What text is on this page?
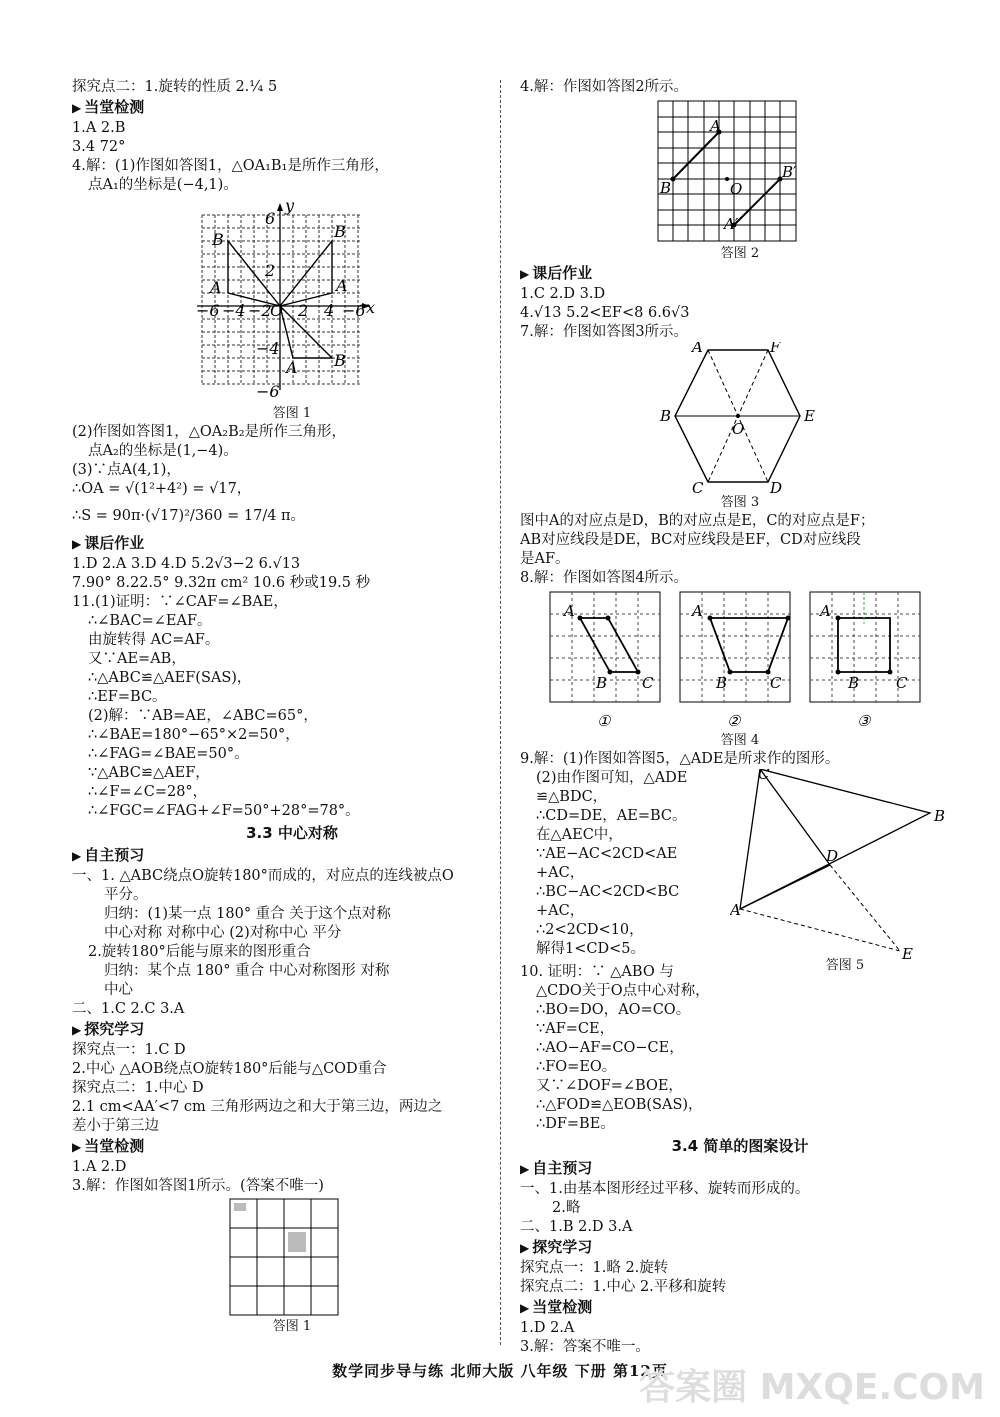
探究点二：1.旋转的性质 2.¼ 5
▶ 当堂检测
1.A 2.B
3.4 72°
4.解：(1)作图如答图1，△OA₁B₁是所作三角形，
点A₁的坐标是(−4,1)。
x
y
6
2
−6 −4 −2
O 2 4 −6
−4
−6
B
A
B
A
A B
答图 1
(2)作图如答图1，△OA₂B₂是所作三角形，
点A₂的坐标是(1,−4)。
(3)∵点A(4,1)，
∴OA = √(1²+4²) = √17，
∴S = 90π·(√17)²/360 = 17/4 π。
▶ 课后作业
1.D 2.A 3.D 4.D 5.2√3−2 6.√13
7.90° 8.22.5° 9.32π cm² 10.6 秒或19.5 秒
11.(1)证明：∵∠CAF=∠BAE，
∴∠BAC=∠EAF。
由旋转得 AC=AF。
又∵AE=AB，
∴△ABC≌△AEF(SAS)，
∴EF=BC。
(2)解：∵AB=AE，∠ABC=65°，
∴∠BAE=180°−65°×2=50°，
∴∠FAG=∠BAE=50°。
∵△ABC≌△AEF，
∴∠F=∠C=28°，
∴∠FGC=∠FAG+∠F=50°+28°=78°。
3.3 中心对称
▶ 自主预习
一、1. △ABC绕点O旋转180°而成的，对应点的连线被点O
平分。
归纳：(1)某一点 180° 重合 关于这个点对称
中心对称 对称中心 (2)对称中心 平分
2.旋转180°后能与原来的图形重合
归纳：某个点 180° 重合 中心对称图形 对称
中心
二、1.C 2.C 3.A
▶ 探究学习
探究点一：1.C D
2.中心 △AOB绕点O旋转180°后能与△COD重合
探究点二：1.中心 D
2.1 cm<AA′<7 cm 三角形两边之和大于第三边，两边之
差小于第三边
▶ 当堂检测
1.A 2.D
3.解：作图如答图1所示。(答案不唯一)
答图 1
4.解：作图如答图2所示。
A
B	O
B′
A′
答图 2
▶ 课后作业
1.C 2.D 3.D
4.√13 5.2<EF<8 6.6√3
7.解：作图如答图3所示。
A	F
B	E
O
C	D
答图 3
图中A的对应点是D，B的对应点是E，C的对应点是F；
AB对应线段是DE，BC对应线段是EF，CD对应线段
是AF。
8.解：作图如答图4所示。
A
B C
A
B	C
A
B C
①	②	③
答图 4
9.解：(1)作图如答图5，△ADE是所求作的图形。
(2)由作图可知，△ADE
≌△BDC，
∴CD=DE，AE=BC。
在△AEC中，
∵AE−AC<2CD<AE
+AC，
∴BC−AC<2CD<BC
+AC，
∴2<2CD<10，
解得1<CD<5。
C
B
A
D
E
答图 5
10. 证明：∵ △ABO 与
△CDO关于O点中心对称，
∴BO=DO，AO=CO。
∵AF=CE，
∴AO−AF=CO−CE，
∴FO=EO。
又∵∠DOF=∠BOE，
∴△FOD≌△EOB(SAS)，
∴DF=BE。
3.4 简单的图案设计
▶ 自主预习
一、1.由基本图形经过平移、旋转而形成的。
2.略
二、1.B 2.D 3.A
▶ 探究学习
探究点一：1.略 2.旋转
探究点二：1.中心 2.平移和旋转
▶ 当堂检测
1.D 2.A
3.解：答案不唯一。
数学同步导与练 北师大版 八年级 下册 第12页
答案圈 MXQE.COM
